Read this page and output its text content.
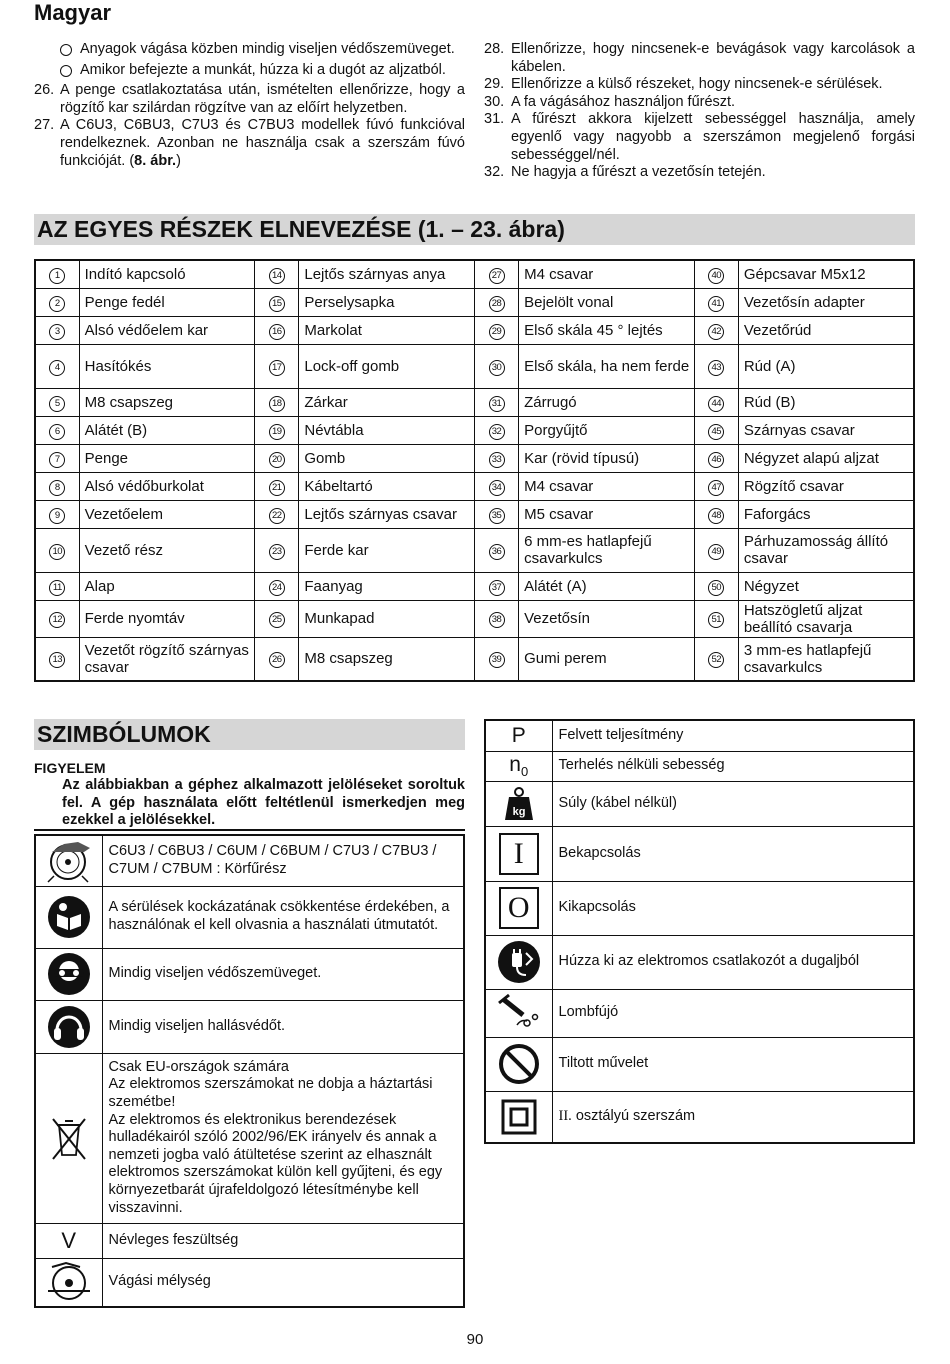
Magyar
Anyagok vágása közben mindig viseljen védőszemüveget.
Amikor befejezte a munkát, húzza ki a dugót az aljzatból.
26. A penge csatlakoztatása után, ismételten ellenőrizze, hogy a rögzítő kar szilárdan rögzítve van az előírt helyzetben.
27. A C6U3, C6BU3, C7U3 és C7BU3 modellek fúvó funkcióval rendelkeznek. Azonban ne használja csak a szerszám fúvó funkcióját. (8. ábr.)
28. Ellenőrizze, hogy nincsenek-e bevágások vagy karcolások a kábelen.
29. Ellenőrizze a külső részeket, hogy nincsenek-e sérülések.
30. A fa vágásához használjon fűrészt.
31. A fűrészt akkora kijelzett sebességgel használja, amely egyenlő vagy nagyobb a szerszámon megjelenő forgási sebességgel/nél.
32. Ne hagyja a fűrészt a vezetősín tetején.
AZ EGYES RÉSZEK ELNEVEZÉSE (1. – 23. ábra)
1	Indító kapcsoló	14	Lejtős szárnyas anya	27	M4 csavar	40	Gépcsavar M5x12
2	Penge fedél	15	Perselysapka	28	Bejelölt vonal	41	Vezetősín adapter
3	Alsó védőelem kar	16	Markolat	29	Első skála 45 ° lejtés	42	Vezetőrúd
4	Hasítókés	17	Lock-off gomb	30	Első skála, ha nem ferde	43	Rúd (A)
5	M8 csapszeg	18	Zárkar	31	Zárrugó	44	Rúd (B)
6	Alátét (B)	19	Névtábla	32	Porgyűjtő	45	Szárnyas csavar
7	Penge	20	Gomb	33	Kar (rövid típusú)	46	Négyzet alapú aljzat
8	Alsó védőburkolat	21	Kábeltartó	34	M4 csavar	47	Rögzítő csavar
9	Vezetőelem	22	Lejtős szárnyas csavar	35	M5 csavar	48	Faforgács
10	Vezető rész	23	Ferde kar	36	6 mm-es hatlapfejű csavarkulcs	49	Párhuzamosság állító csavar
11	Alap	24	Faanyag	37	Alátét (A)	50	Négyzet
12	Ferde nyomtáv	25	Munkapad	38	Vezetősín	51	Hatszögletű aljzat beállító csavarja
13	Vezetőt rögzítő szárnyas csavar	26	M8 csapszeg	39	Gumi perem	52	3 mm-es hatlapfejű csavarkulcs
SZIMBÓLUMOK
FIGYELEM
Az alábbiakban a géphez alkalmazott jelöléseket soroltuk fel. A gép használata előtt feltétlenül ismerkedjen meg ezekkel a jelölésekkel.
	C6U3 / C6BU3 / C6UM / C6BUM / C7U3 / C7BU3 / C7UM / C7BUM : Körfűrész

	A sérülések kockázatának csökkentése érdekében, a használónak el kell olvasnia a használati útmutatót.

	Mindig viseljen védőszemüveget.

	Mindig viseljen hallásvédőt.

	Csak EU-országok számára
Az elektromos szerszámokat ne dobja a háztartási szemétbe!
Az elektromos és elektronikus berendezések hulladékairól szóló 2002/96/EK irányelv és annak a nemzeti jogba való átültetése szerint az elhasznált elektromos szerszámokat külön kell gyűjteni, és egy környezetbarát újrafeldolgozó létesítménybe kell visszavinni.
V	Névleges feszültség

	Vágási mélység
P	Felvett teljesítmény
$n_0$	Terhelés nélküli sebesség

kg	Súly (kábel nélkül)

I	Bekapcsolás

O	Kikapcsolás

	Húzza ki az elektromos csatlakozót a dugaljból

	Lombfújó

	Tiltott művelet

	II. osztályú szerszám
90
